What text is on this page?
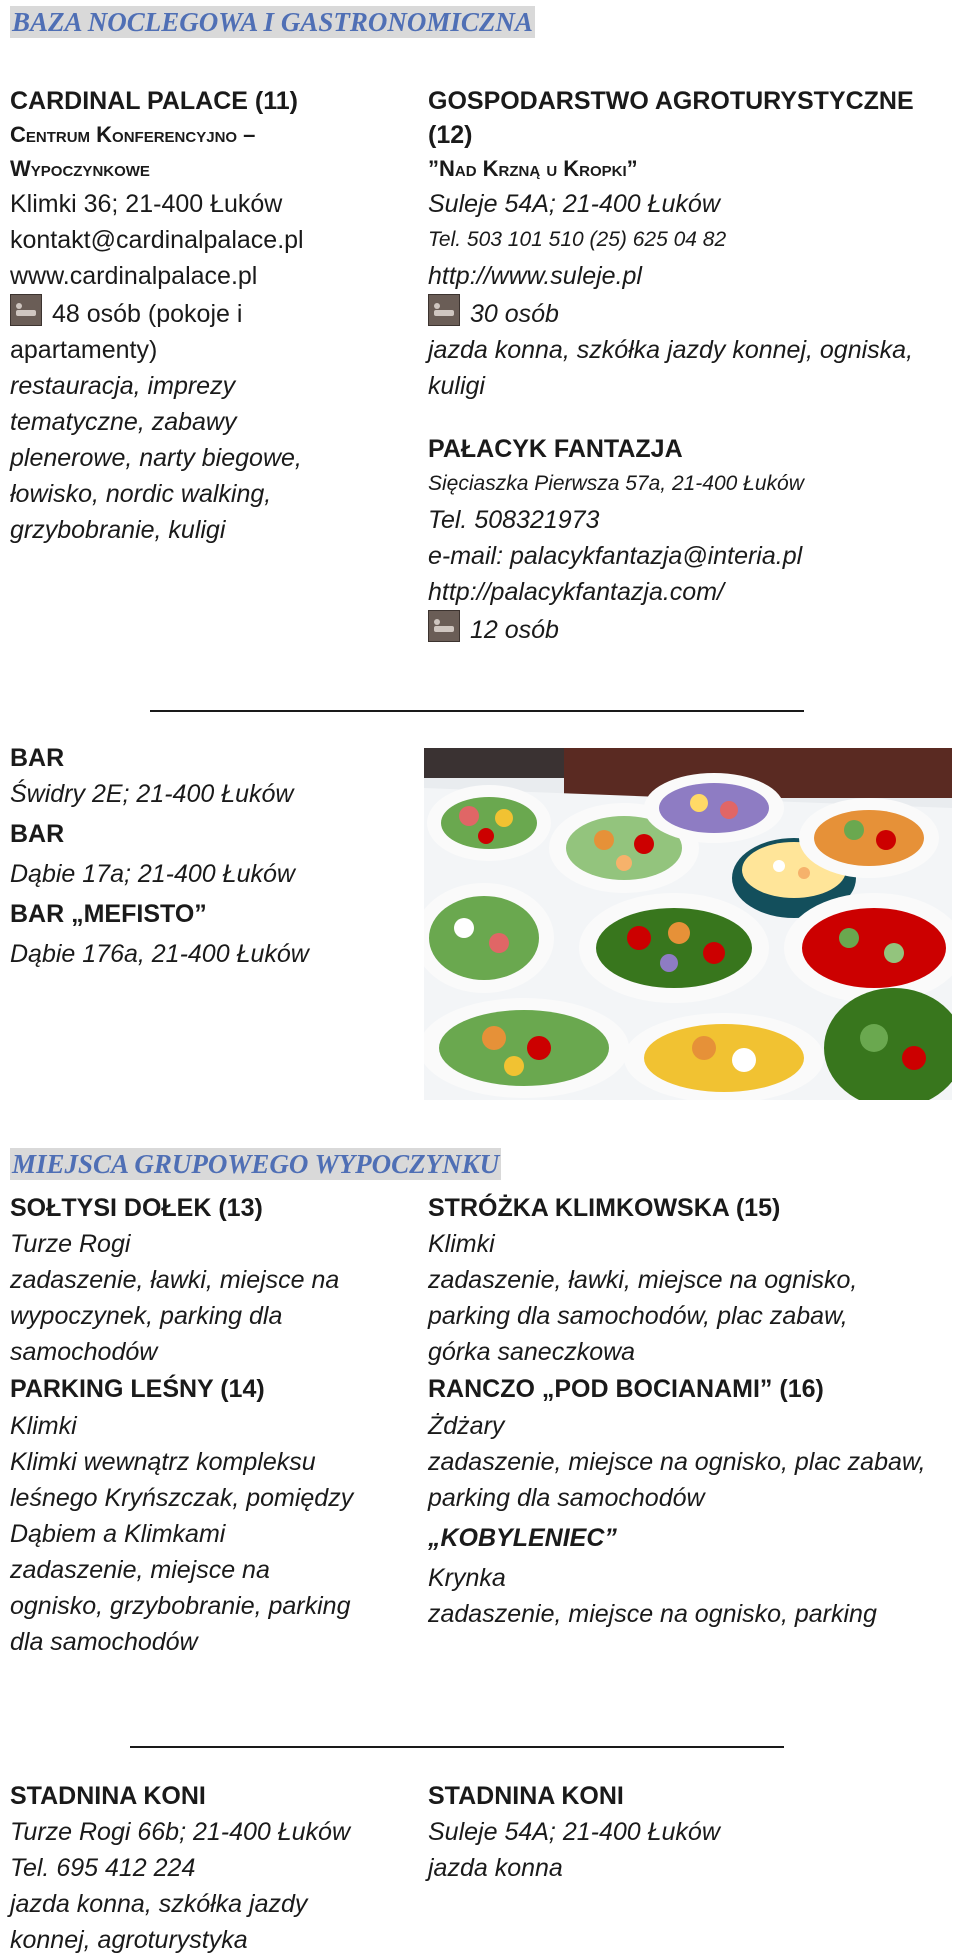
BAZA NOCLEGOWA I GASTRONOMICZNA

CARDINAL PALACE (11)

Centrum Konferencyjno –

Wypoczynkowe

Klimki 36; 21-400 Łuków

kontakt@cardinalpalace.pl

www.cardinalpalace.pl

48 osób (pokoje i

apartamenty)

restauracja, imprezy

tematyczne, zabawy

plenerowe, narty biegowe,

łowisko, nordic walking,

grzybobranie, kuligi

GOSPODARSTWO AGROTURYSTYCZNE (12)

”Nad Krzną u Kropki”

Suleje 54A; 21-400 Łuków

Tel. 503 101 510 (25) 625 04 82

http://www.suleje.pl

30 osób

jazda konna, szkółka jazdy konnej, ogniska,

kuligi

PAŁACYK FANTAZJA

Sięciaszka Pierwsza 57a, 21-400 Łuków

Tel. 508321973

e-mail: palacykfantazja@interia.pl

http://palacykfantazja.com/

12 osób

BAR

Świdry 2E; 21-400 Łuków

BAR

Dąbie 17a; 21-400 Łuków

BAR „MEFISTO”

Dąbie 176a, 21-400 Łuków

MIEJSCA GRUPOWEGO WYPOCZYNKU

SOŁTYSI DOŁEK (13)

Turze Rogi

zadaszenie, ławki, miejsce na

wypoczynek, parking dla

samochodów

PARKING LEŚNY (14)

Klimki

Klimki wewnątrz kompleksu

leśnego Kryńszczak, pomiędzy

Dąbiem a Klimkami

zadaszenie, miejsce na

ognisko, grzybobranie, parking

dla samochodów

STRÓŻKA KLIMKOWSKA (15)

Klimki

zadaszenie, ławki, miejsce na ognisko,

parking dla samochodów, plac zabaw,

górka saneczkowa

RANCZO „POD BOCIANAMI” (16)

Żdżary

zadaszenie, miejsce na ognisko, plac zabaw,

parking dla samochodów

„KOBYLENIEC”

Krynka

zadaszenie, miejsce na ognisko, parking

STADNINA KONI

Turze Rogi 66b; 21-400 Łuków

Tel. 695 412 224

jazda konna, szkółka jazdy

konnej, agroturystyka

STADNINA KONI

Suleje 54A; 21-400 Łuków

jazda konna
